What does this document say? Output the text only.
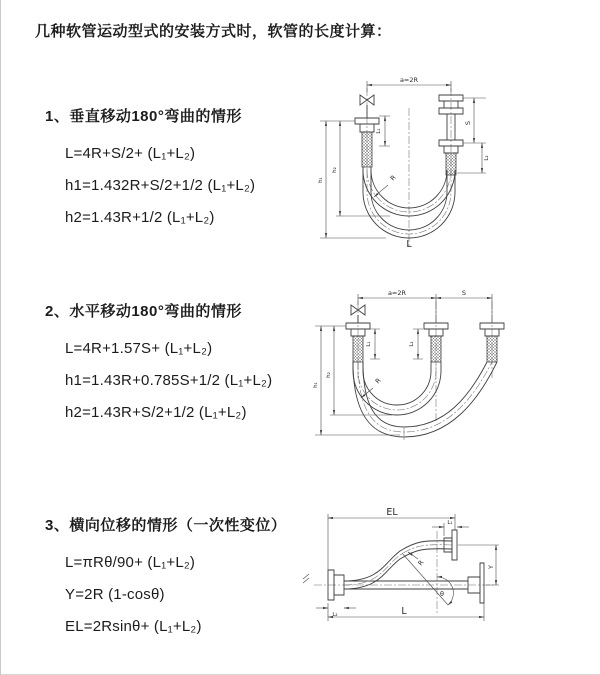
几种软管运动型式的安装方式时，软管的长度计算：
1、垂直移动180°弯曲的情形
L=4R+S/2+ (L₁+L₂)
h1=1.432R+S/2+1/2 (L₁+L₂)
h2=1.43R+1/2 (L₁+L₂)
2、水平移动180°弯曲的情形
L=4R+1.57S+ (L₁+L₂)
h1=1.43R+0.785S+1/2 (L₁+L₂)
h2=1.43R+S/2+1/2 (L₁+L₂)
3、横向位移的情形（一次性变位）
L=πRθ/90+ (L₁+L₂)
Y=2R (1-cosθ)
EL=2Rsinθ+ (L₁+L₂)
a=2R
S
L₂
h₁
h₂
L₁
R
L
a=2R	S
h₁
h₂
L₁	L₂
R
θ
R
EL
L₁
Y
L₂	L
